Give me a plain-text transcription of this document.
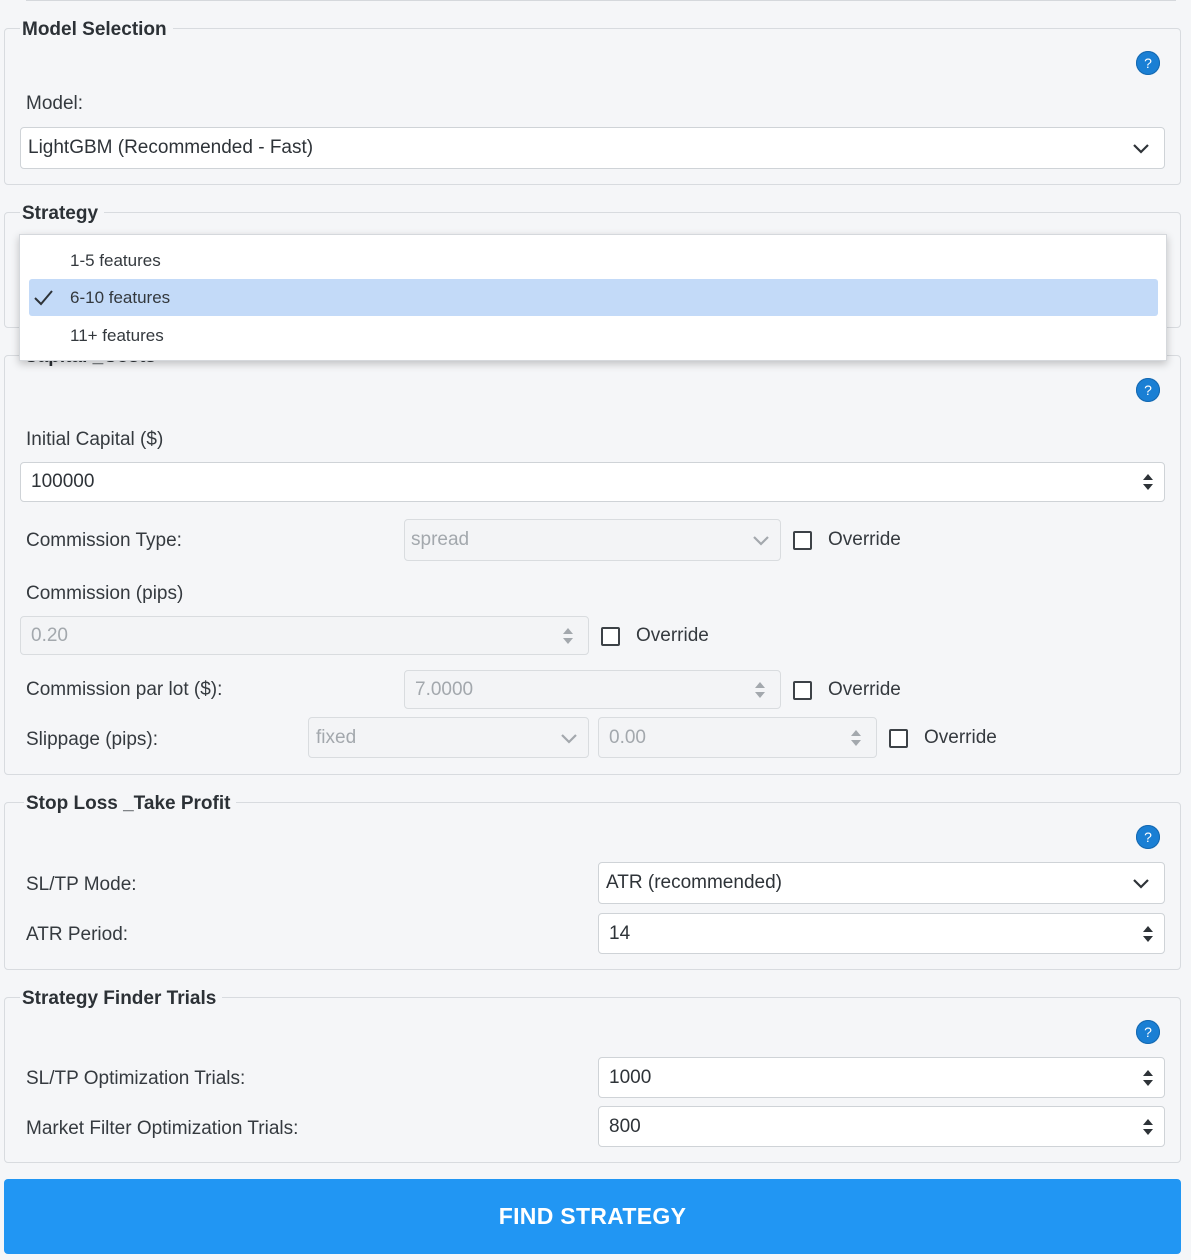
Model Selection
?
Model:
LightGBM (Recommended - Fast)
Strategy
?
Initial Capital ($)
100000
Commission Type:	spread	Override
Commission (pips)
0.20	Override
Commission par lot ($):	7.0000	Override
Slippage (pips):	fixed	0.00	Override
Stop Loss _Take Profit
?
SL/TP Mode:	ATR (recommended)
ATR Period:	14
Strategy Finder Trials
?
SL/TP Optimization Trials:	1000
Market Filter Optimization Trials:	800
FIND STRATEGY
1-5 features
6-10 features
11+ features
